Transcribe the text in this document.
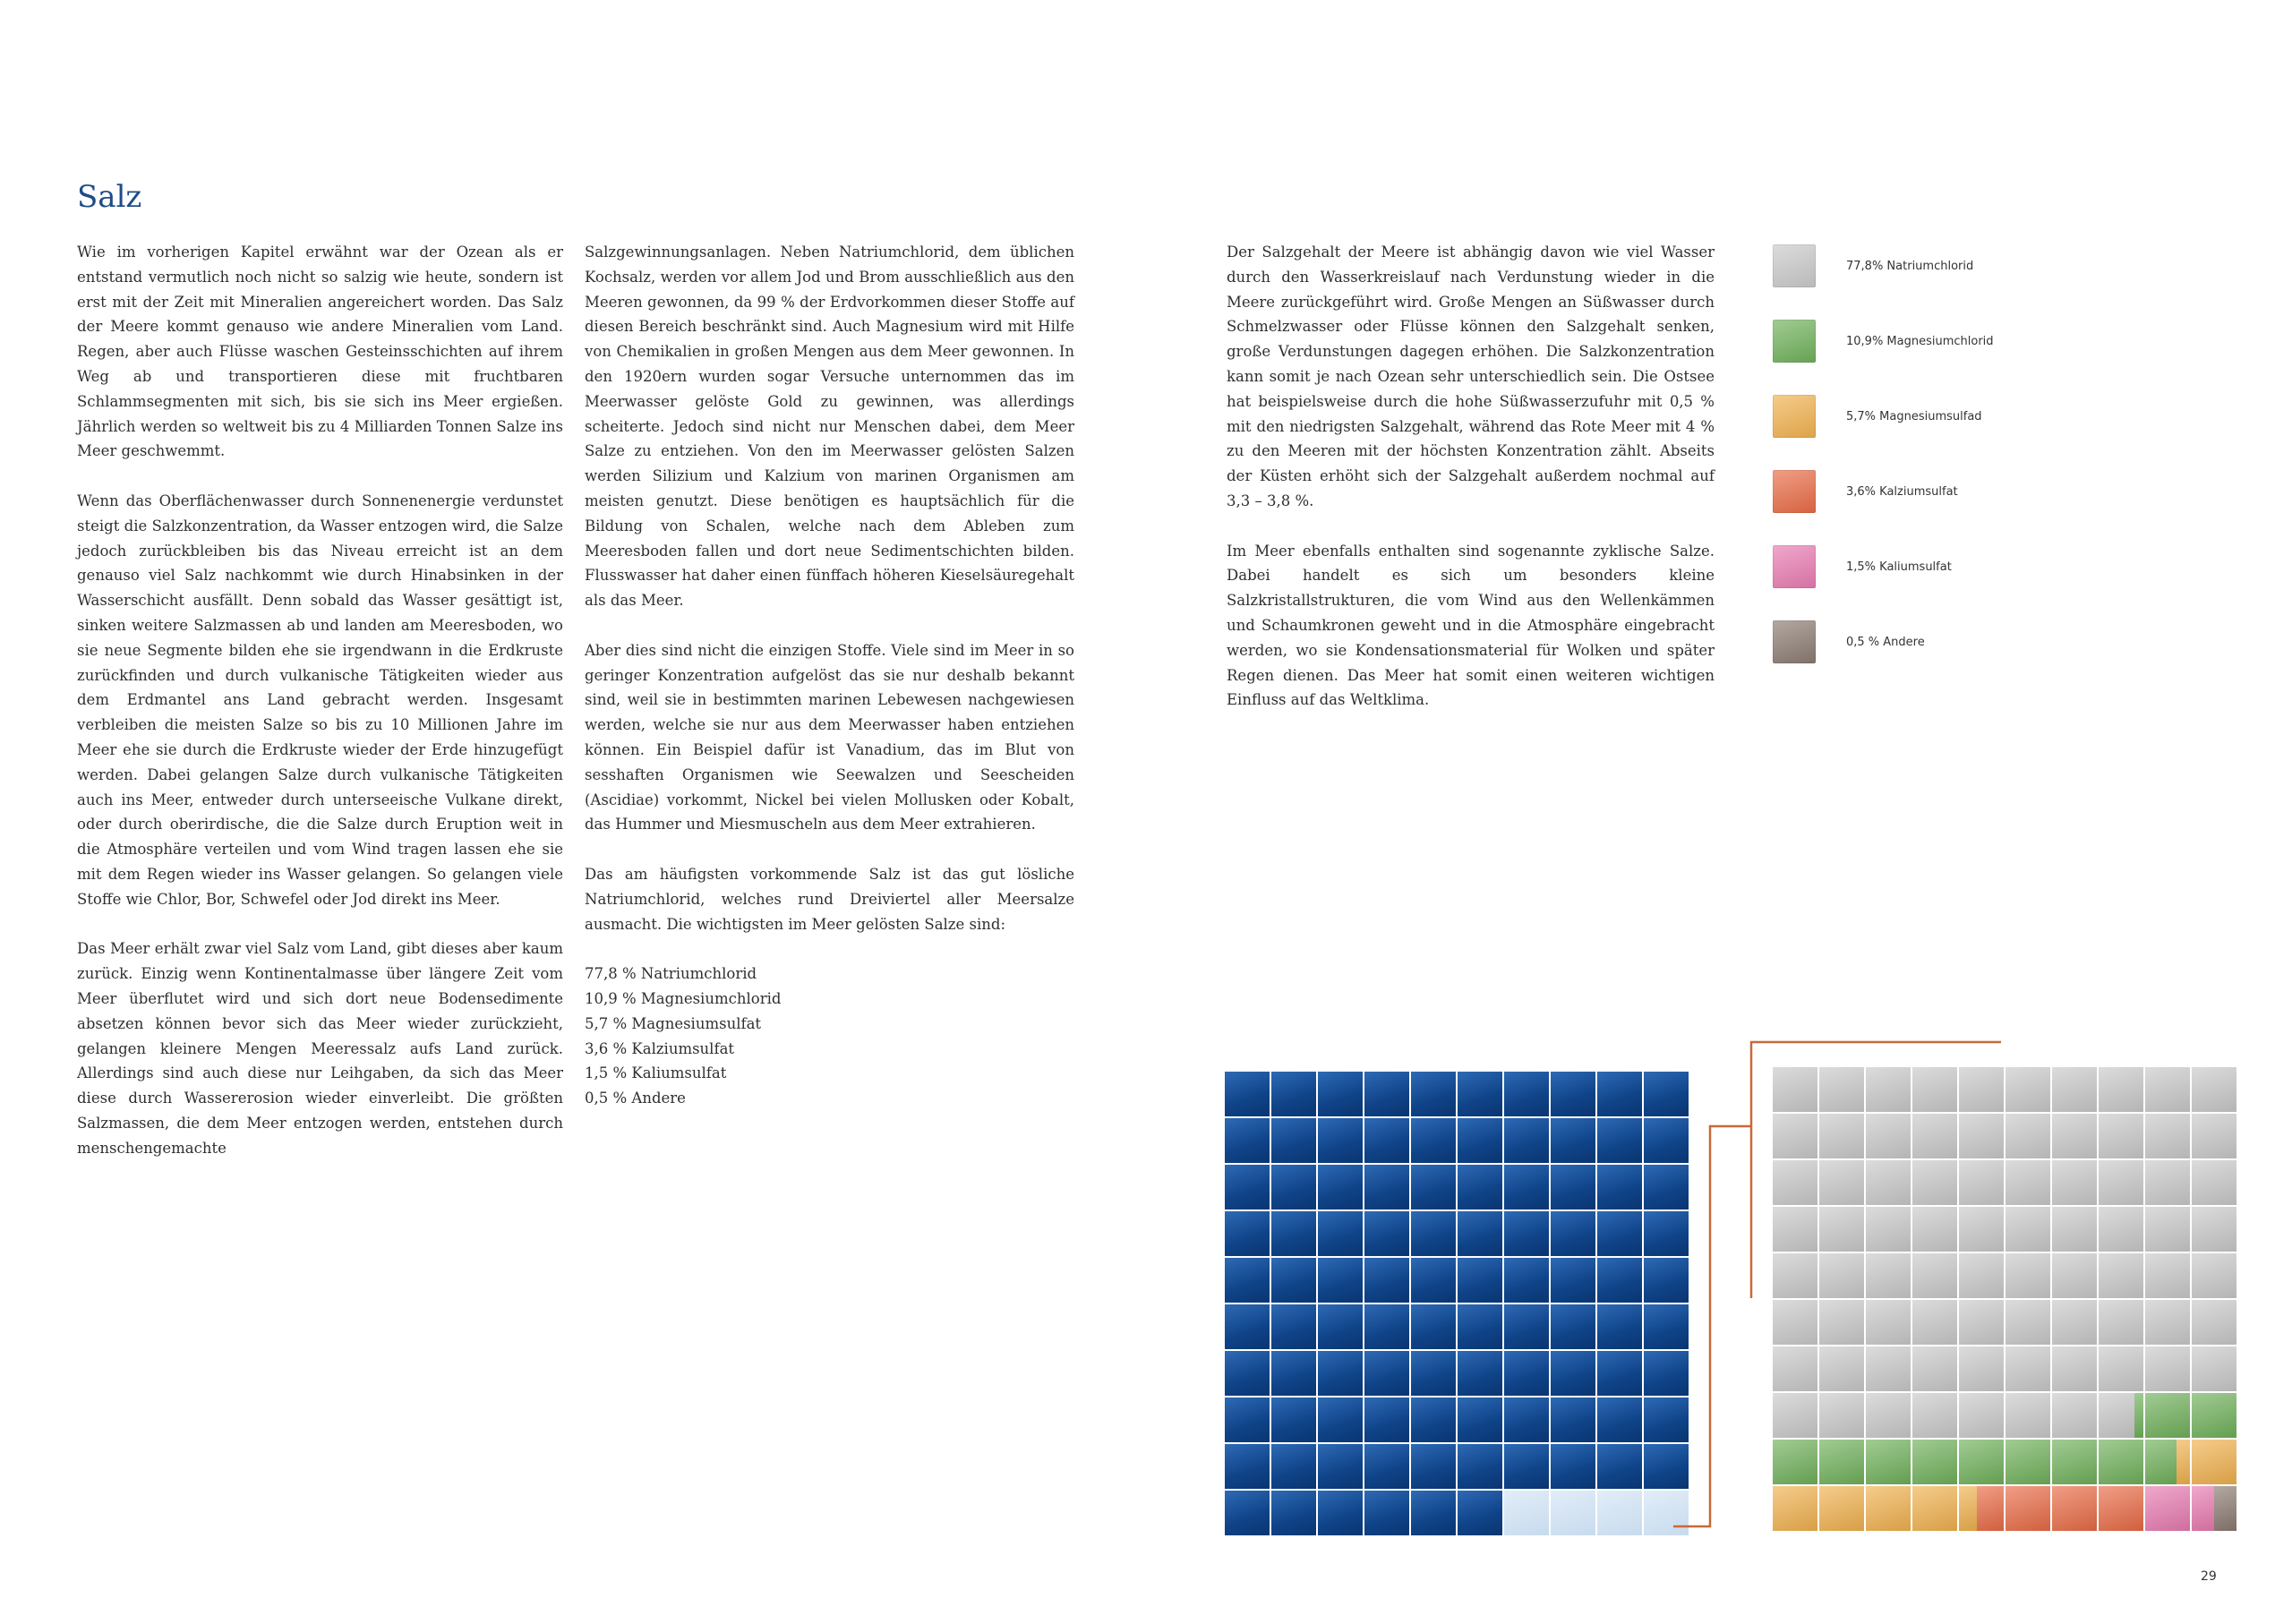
Salz

Wie im vorherigen Kapitel erwähnt war der Ozean als er entstand vermutlich noch nicht so salzig wie heute, sondern ist erst mit der Zeit mit Mineralien angereichert worden. Das Salz der Meere kommt genauso wie andere Mineralien vom Land. Regen, aber auch Flüsse waschen Gesteinsschichten auf ihrem Weg ab und transportieren diese mit fruchtbaren Schlammsegmenten mit sich, bis sie sich ins Meer ergießen. Jährlich werden so weltweit bis zu 4 Milliarden Tonnen Salze ins Meer geschwemmt.

Wenn das Oberflächenwasser durch Sonnenenergie verdunstet steigt die Salzkonzentration, da Wasser entzogen wird, die Salze jedoch zurückbleiben bis das Niveau erreicht ist an dem genauso viel Salz nachkommt wie durch Hinabsinken in der Wasserschicht ausfällt. Denn sobald das Wasser gesättigt ist, sinken weitere Salzmassen ab und landen am Meeresboden, wo sie neue Segmente bilden ehe sie irgendwann in die Erdkruste zurückfinden und durch vulkanische Tätigkeiten wieder aus dem Erdmantel ans Land gebracht werden. Insgesamt verbleiben die meisten Salze so bis zu 10 Millionen Jahre im Meer ehe sie durch die Erdkruste wieder der Erde hinzugefügt werden. Dabei gelangen Salze durch vulkanische Tätigkeiten auch ins Meer, entweder durch unterseeische Vulkane direkt, oder durch oberirdische, die die Salze durch Eruption weit in die Atmosphäre verteilen und vom Wind tragen lassen ehe sie mit dem Regen wieder ins Wasser gelangen. So gelangen viele Stoffe wie Chlor, Bor, Schwefel oder Jod direkt ins Meer.

Das Meer erhält zwar viel Salz vom Land, gibt dieses aber kaum zurück. Einzig wenn Kontinentalmasse über längere Zeit vom Meer überflutet wird und sich dort neue Bodensedimente absetzen können bevor sich das Meer wieder zurückzieht, gelangen kleinere Mengen Meeressalz aufs Land zurück. Allerdings sind auch diese nur Leihgaben, da sich das Meer diese durch Wassererosion wieder einverleibt. Die größten Salzmassen, die dem Meer entzogen werden, entstehen durch menschengemachte

Salzgewinnungsanlagen. Neben Natriumchlorid, dem üblichen Kochsalz, werden vor allem Jod und Brom ausschließlich aus den Meeren gewonnen, da 99 % der Erdvorkommen dieser Stoffe auf diesen Bereich beschränkt sind. Auch Magnesium wird mit Hilfe von Chemikalien in großen Mengen aus dem Meer gewonnen. In den 1920ern wurden sogar Versuche unternommen das im Meerwasser gelöste Gold zu gewinnen, was allerdings scheiterte. Jedoch sind nicht nur Menschen dabei, dem Meer Salze zu entziehen. Von den im Meerwasser gelösten Salzen werden Silizium und Kalzium von marinen Organismen am meisten genutzt. Diese benötigen es hauptsächlich für die Bildung von Schalen, welche nach dem Ableben zum Meeresboden fallen und dort neue Sedimentschichten bilden. Flusswasser hat daher einen fünffach höheren Kieselsäuregehalt als das Meer.

Aber dies sind nicht die einzigen Stoffe. Viele sind im Meer in so geringer Konzentration aufgelöst das sie nur deshalb bekannt sind, weil sie in bestimmten marinen Lebewesen nachgewiesen werden, welche sie nur aus dem Meerwasser haben entziehen können. Ein Beispiel dafür ist Vanadium, das im Blut von sesshaften Organismen wie Seewalzen und Seescheiden (Ascidiae) vorkommt, Nickel bei vielen Mollusken oder Kobalt, das Hummer und Miesmuscheln aus dem Meer extrahieren.

Das am häufigsten vorkommende Salz ist das gut lösliche Natriumchlorid, welches rund Dreiviertel aller Meersalze ausmacht. Die wichtigsten im Meer gelösten Salze sind:

77,8 % Natriumchlorid
10,9 % Magnesiumchlorid
5,7 % Magnesiumsulfat
3,6 % Kalziumsulfat
1,5 % Kaliumsulfat
0,5 % Andere

Der Salzgehalt der Meere ist abhängig davon wie viel Wasser durch den Wasserkreislauf nach Verdunstung wieder in die Meere zurückgeführt wird. Große Mengen an Süßwasser durch Schmelzwasser oder Flüsse können den Salzgehalt senken, große Verdunstungen dagegen erhöhen. Die Salzkonzentration kann somit je nach Ozean sehr unterschiedlich sein. Die Ostsee hat beispielsweise durch die hohe Süßwasserzufuhr mit 0,5 % mit den niedrigsten Salzgehalt, während das Rote Meer mit 4 % zu den Meeren mit der höchsten Konzentration zählt. Abseits der Küsten erhöht sich der Salzgehalt außerdem nochmal auf 3,3 – 3,8 %.

Im Meer ebenfalls enthalten sind sogenannte zyklische Salze. Dabei handelt es sich um besonders kleine Salzkristallstrukturen, die vom Wind aus den Wellenkämmen und Schaumkronen geweht und in die Atmosphäre eingebracht werden, wo sie Kondensationsmaterial für Wolken und später Regen dienen. Das Meer hat somit einen weiteren wichtigen Einfluss auf das Weltklima.

77,8% Natriumchlorid
10,9% Magnesiumchlorid
5,7% Magnesiumsulfad
3,6% Kalziumsulfat
1,5% Kaliumsulfat
0,5 % Andere
29
